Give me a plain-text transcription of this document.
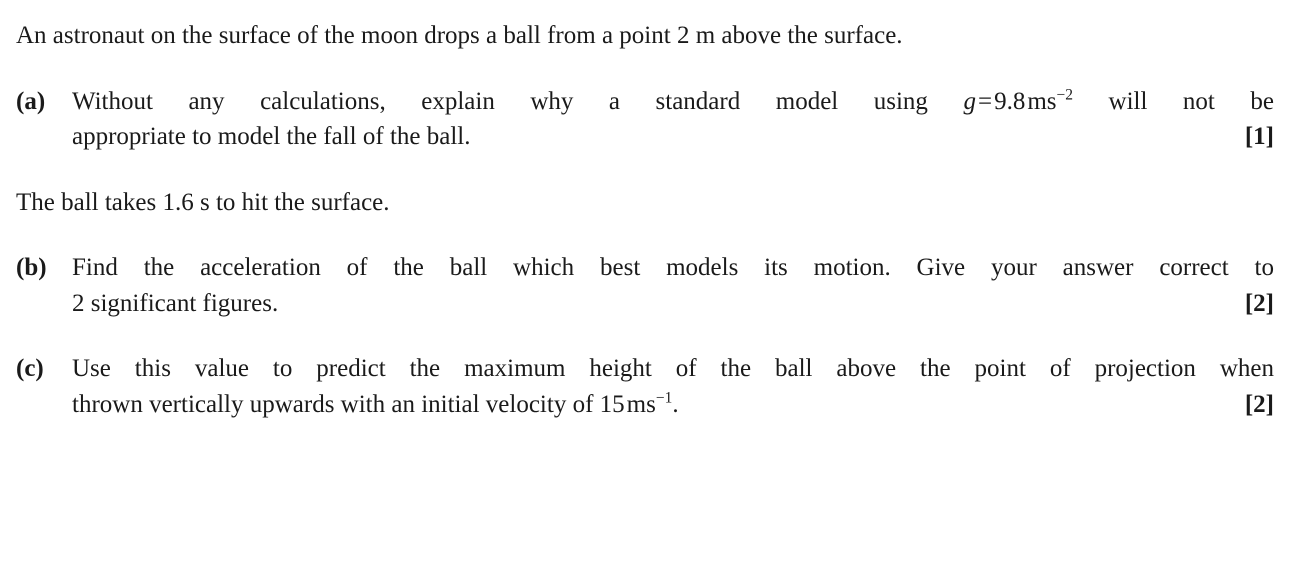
An astronaut on the surface of the moon drops a ball from a point 2 m above the surface.

(a)	Without any calculations, explain why a standard model using $g=9.8ms^{-2}$ will not be
[1]
appropriate to model the fall of the ball.

The ball takes 1.6 s to hit the surface.

(b)	Find the acceleration of the ball which best models its motion. Give your answer correct to
[2]
2 significant figures.
(c)	Use this value to predict the maximum height of the ball above the point of projection when
[2]
thrown vertically upwards with an initial velocity of $15ms^{-1}$.
